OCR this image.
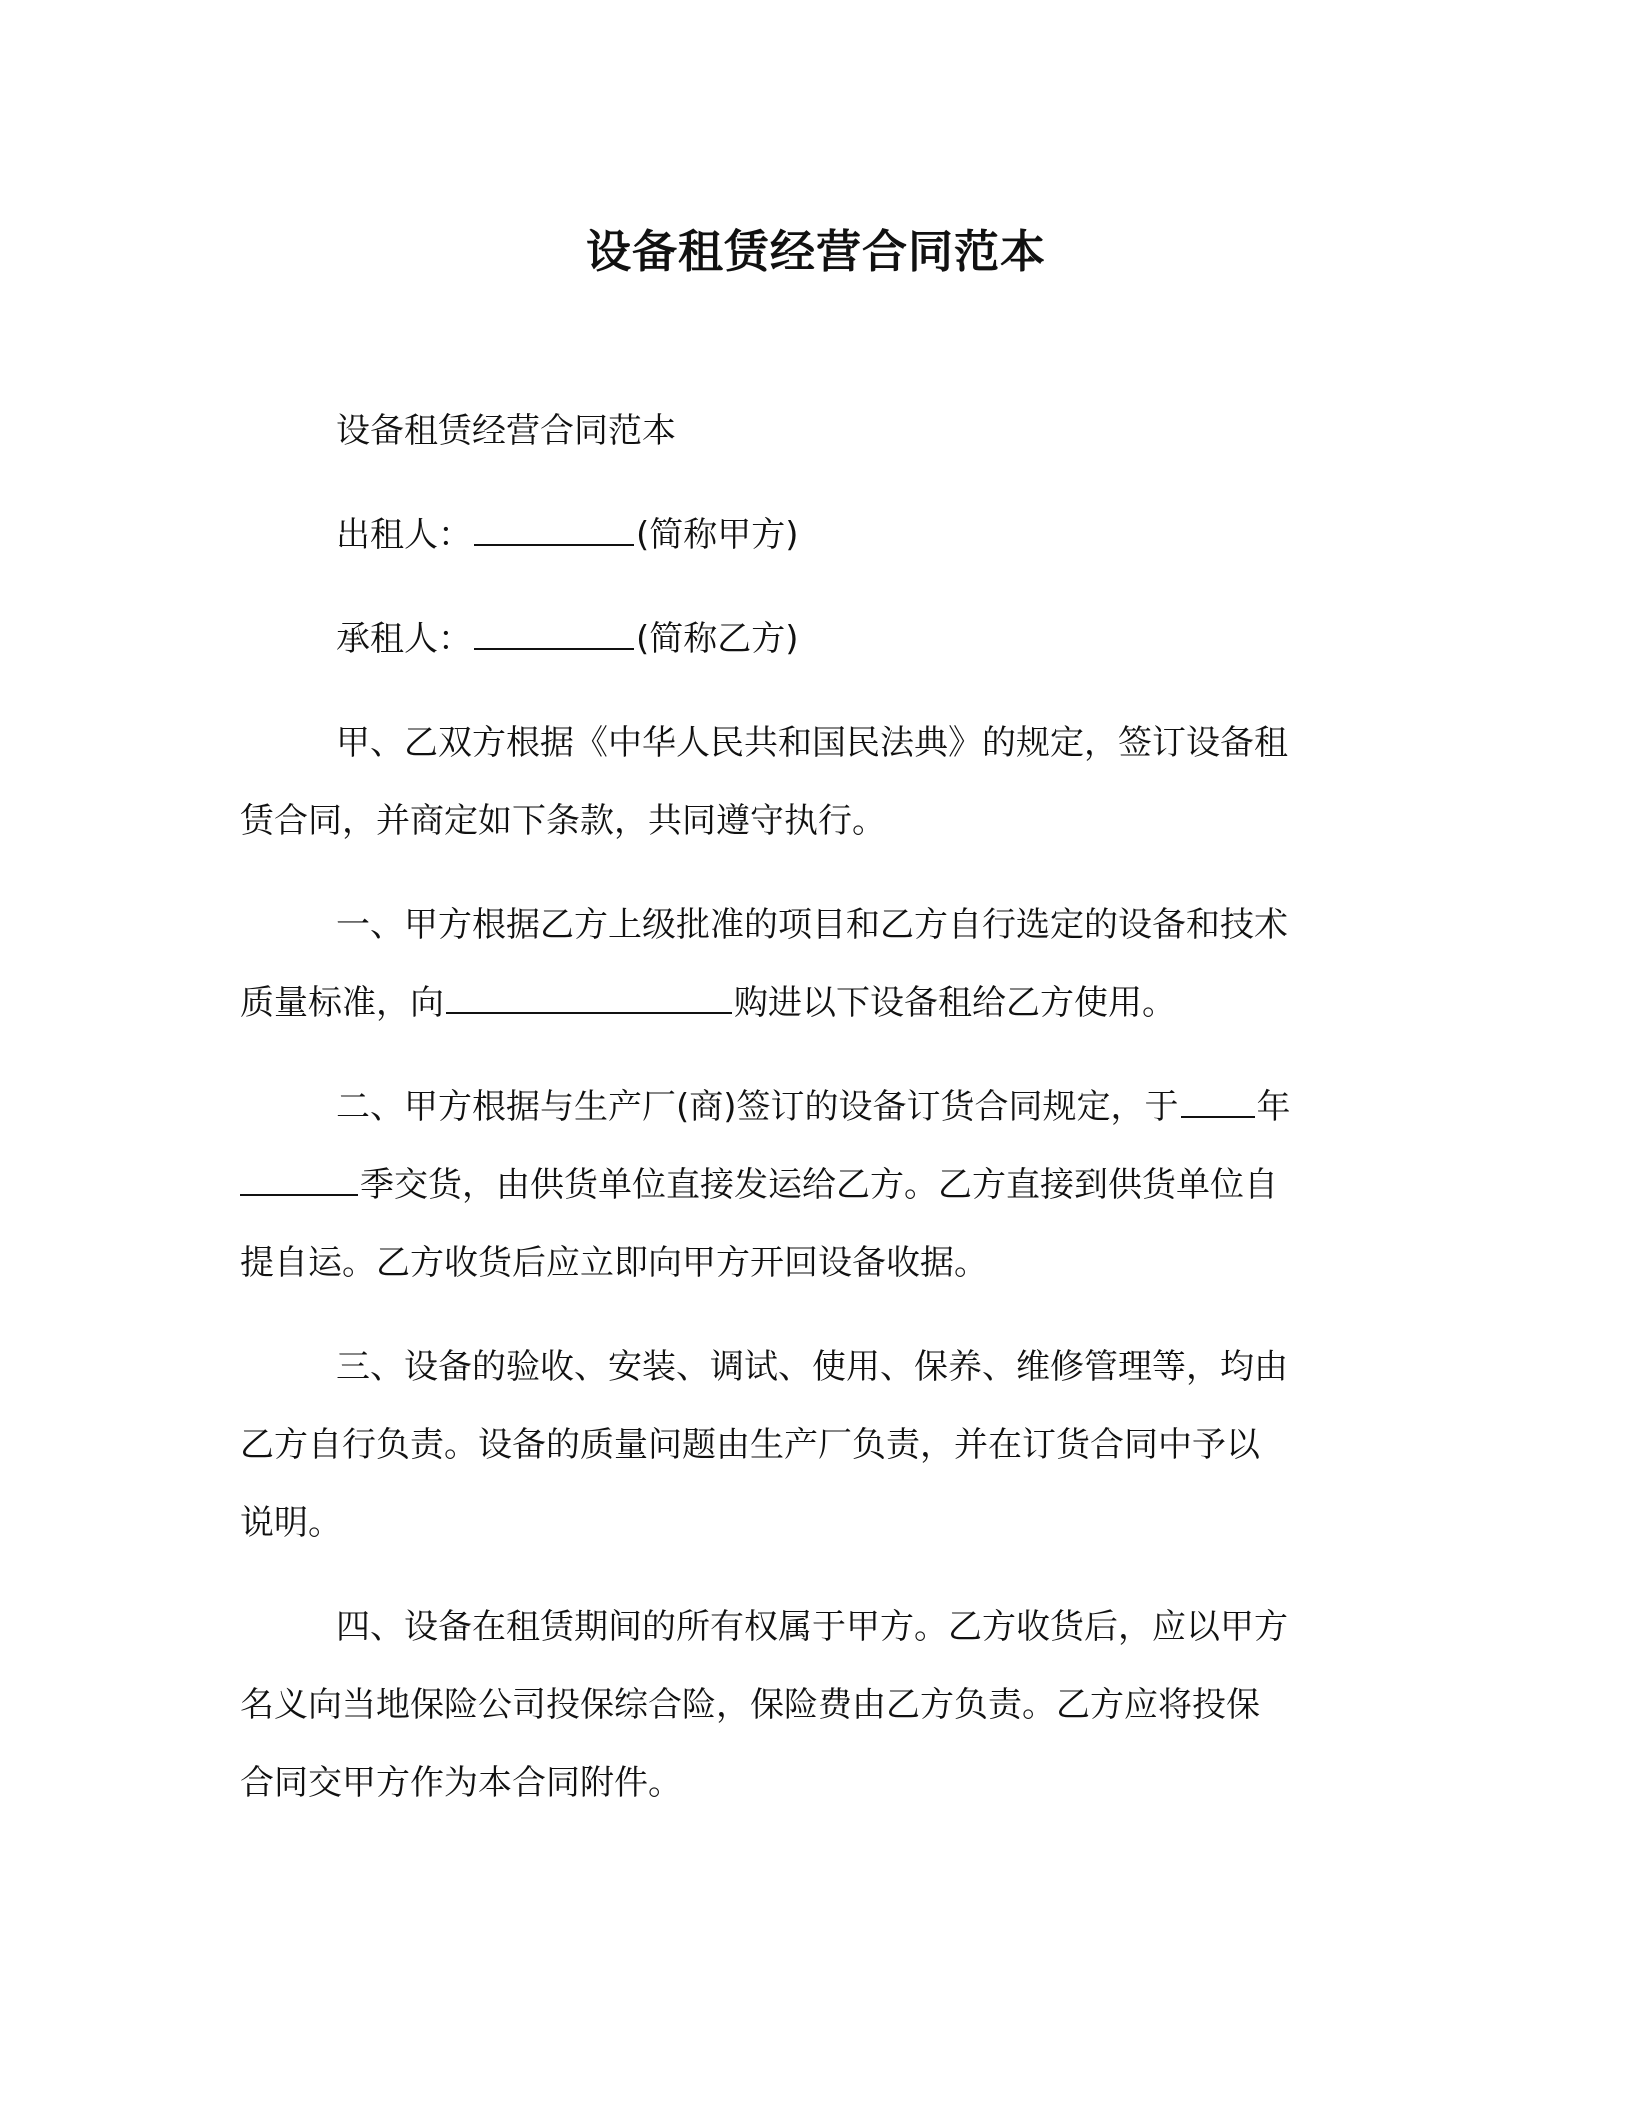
设备租赁经营合同范本

设备租赁经营合同范本

出租人：	(简称甲方)

承租人：	(简称乙方)

甲、乙双方根据《中华人民共和国民法典》的规定，签订设备租
赁合同，并商定如下条款，共同遵守执行。
一、甲方根据乙方上级批准的项目和乙方自行选定的设备和技术
质量标准，向	购进以下设备租给乙方使用。
二、甲方根据与生产厂(商)签订的设备订货合同规定，于 年
季交货，由供货单位直接发运给乙方。乙方直接到供货单位自
提自运。乙方收货后应立即向甲方开回设备收据。
三、设备的验收、安装、调试、使用、保养、维修管理等，均由
乙方自行负责。设备的质量问题由生产厂负责，并在订货合同中予以
说明。
四、设备在租赁期间的所有权属于甲方。乙方收货后，应以甲方
名义向当地保险公司投保综合险，保险费由乙方负责。乙方应将投保
合同交甲方作为本合同附件。
